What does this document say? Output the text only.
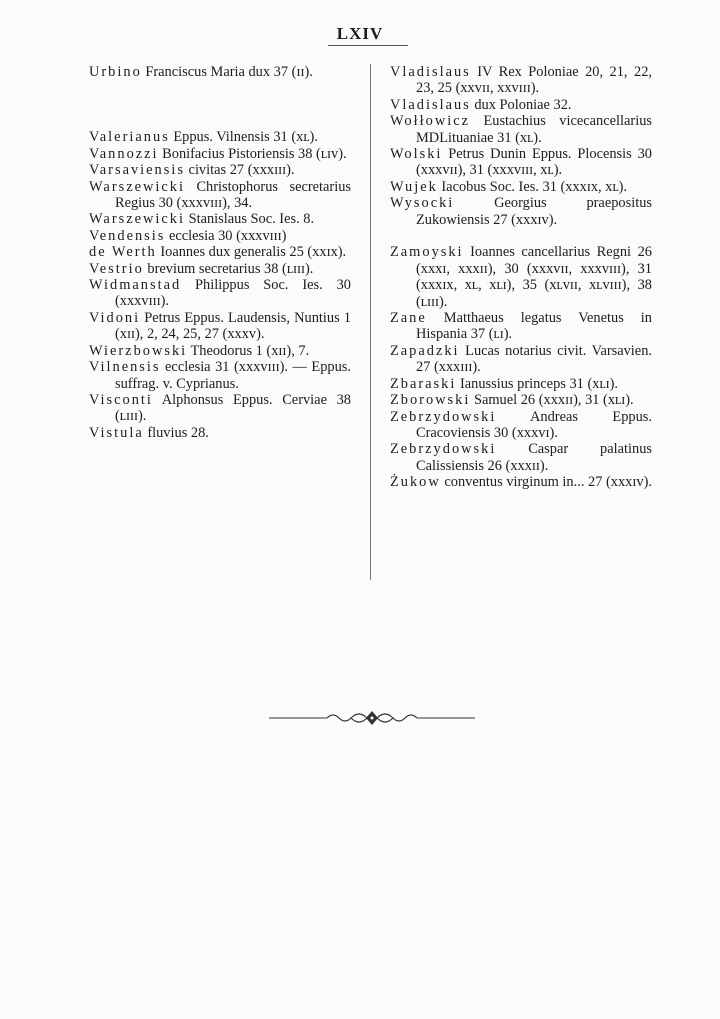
LXIV

Urbino Franciscus Maria dux 37 (ɪɪ).

Valerianus Eppus. Vilnensis 31 (xʟ).

Vannozzi Bonifacius Pistoriensis 38 (ʟɪᴠ).

Varsaviensis civitas 27 (xxxɪɪɪ).

Warszewicki Christophorus secretarius Regius 30 (xxxᴠɪɪɪ), 34.

Warszewicki Stanislaus Soc. Ies. 8.

Vendensis ecclesia 30 (xxxᴠɪɪɪ)

de Werth Ioannes dux generalis 25 (xxɪx).

Vestrio brevium secretarius 38 (ʟɪɪɪ).

Widmanstad Philippus Soc. Ies. 30 (xxxᴠɪɪɪ).

Vidoni Petrus Eppus. Laudensis, Nuntius 1 (xɪɪ), 2, 24, 25, 27 (xxxᴠ).

Wierzbowski Theodorus 1 (xɪɪ), 7.

Vilnensis ecclesia 31 (xxxᴠɪɪɪ). — Eppus. suffrag. v. Cyprianus.

Visconti Alphonsus Eppus. Cerviae 38 (ʟɪɪɪ).

Vistula fluvius 28.

Vladislaus IV Rex Poloniae 20, 21, 22, 23, 25 (xxᴠɪɪ, xxᴠɪɪɪ).

Vladislaus dux Poloniae 32.

Wołłowicz Eustachius vicecancellarius MDLituaniae 31 (xʟ).

Wolski Petrus Dunin Eppus. Plocensis 30 (xxxᴠɪɪ), 31 (xxxᴠɪɪɪ, xʟ).

Wujek Iacobus Soc. Ies. 31 (xxxɪx, xʟ).

Wysocki Georgius praepositus Zukowiensis 27 (xxxɪᴠ).

Zamoyski Ioannes cancellarius Regni 26 (xxxɪ, xxxɪɪ), 30 (xxxᴠɪɪ, xxxᴠɪɪɪ), 31 (xxxɪx, xʟ, xʟɪ), 35 (xʟᴠɪɪ, xʟᴠɪɪɪ), 38 (ʟɪɪɪ).

Zane Matthaeus legatus Venetus in Hispania 37 (ʟɪ).

Zapadzki Lucas notarius civit. Varsavien. 27 (xxxɪɪɪ).

Zbaraski Ianussius princeps 31 (xʟɪ).

Zborowski Samuel 26 (xxxɪɪ), 31 (xʟɪ).

Zebrzydowski Andreas Eppus. Cracoviensis 30 (xxxᴠɪ).

Zebrzydowski Caspar palatinus Calissiensis 26 (xxxɪɪ).

Żukow conventus virginum in... 27 (xxxɪᴠ).
